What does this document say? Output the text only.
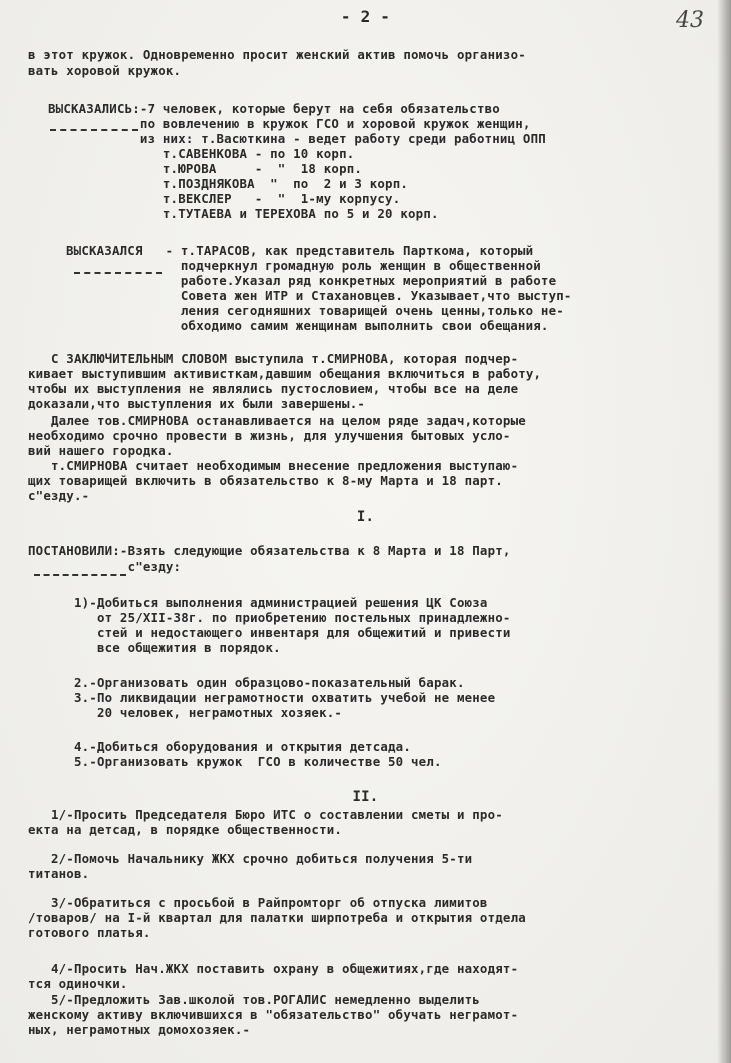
- 2 -	43
в этот кружок. Одновременно просит женский актив помочь организо-
вать хоровой кружок.
ВЫСКАЗАЛИСЬ:-7 человек, которые берут на себя обязательство
по вовлечению в кружок ГСО и хоровой кружок женщин,
из них: т.Васюткина - ведет работу среди работниц ОПП
т.САВЕНКОВА - по 10 корп.
т.ЮРОВА     -  "  18 корп.
т.ПОЗДНЯКОВА  "  по  2 и 3 корп.
т.ВЕКСЛЕР   -  "  1-му корпусу.
т.ТУТАЕВА и ТЕРЕХОВА по 5 и 20 корп.
ВЫСКАЗАЛСЯ   - т.ТАРАСОВ, как представитель Парткома, который
подчеркнул громадную роль женщин в общественной
работе.Указал ряд конкретных мероприятий в работе
Совета жен ИТР и Стахановцев. Указывает,что выступ-
ления сегодняшних товарищей очень ценны,только не-
обходимо самим женщинам выполнить свои обещания.
С ЗАКЛЮЧИТЕЛЬНЫМ СЛОВОМ выступила т.СМИРНОВА, которая подчер-
кивает выступившим активисткам,давшим обещания включиться в работу,
чтобы их выступления не являлись пустословием, чтобы все на деле
доказали,что выступления их были завершены.-
Далее тов.СМИРНОВА останавливается на целом ряде задач,которые
необходимо срочно провести в жизнь, для улучшения бытовых усло-
вий нашего городка.
т.СМИРНОВА считает необходимым внесение предложения выступаю-
щих товарищей включить в обязательство к 8-му Марта и 18 парт.
с"езду.-
I.
ПОСТАНОВИЛИ:-Взять следующие обязательства к 8 Марта и 18 Парт,
с"езду:
1)-Добиться выполнения администрацией решения ЦК Союза
от 25/XII-38г. по приобретению постельных принадлежно-
стей и недостающего инвентаря для общежитий и привести
все общежития в порядок.
2.-Организовать один образцово-показательный барак.
3.-По ликвидации неграмотности охватить учебой не менее
20 человек, неграмотных хозяек.-
4.-Добиться оборудования и открытия детсада.
5.-Организовать кружок  ГСО в количестве 50 чел.
II.
1/-Просить Председателя Бюро ИТС о составлении сметы и про-
екта на детсад, в порядке общественности.
2/-Помочь Начальнику ЖКХ срочно добиться получения 5-ти
титанов.
3/-Обратиться с просьбой в Райпромторг об отпуска лимитов
/товаров/ на I-й квартал для палатки ширпотреба и открытия отдела
готового платья.
4/-Просить Нач.ЖКХ поставить охрану в общежитиях,где находят-
тся одиночки.
5/-Предложить Зав.школой тов.РОГАЛИС немедленно выделить
женскому активу включившихся в "обязательство" обучать неграмот-
ных, неграмотных домохозяек.-
